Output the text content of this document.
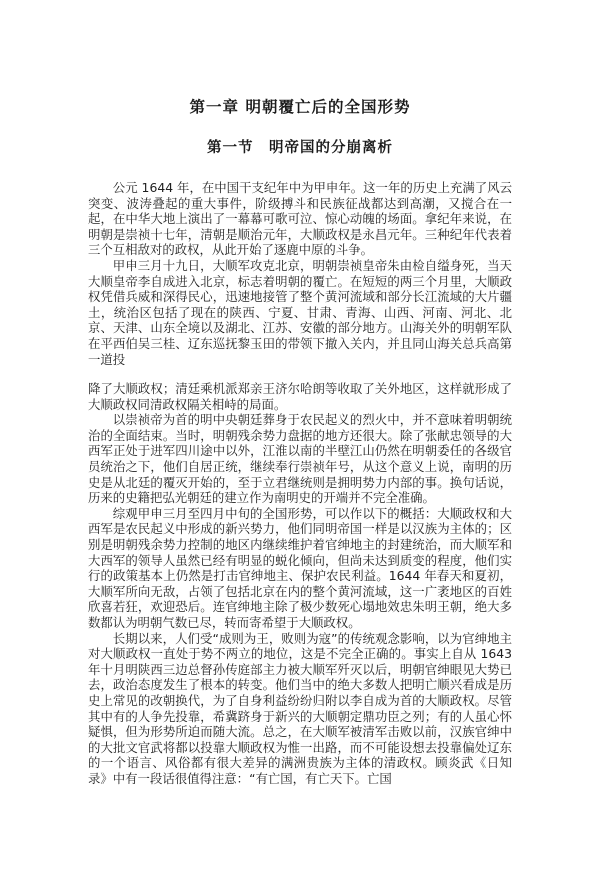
第一章 明朝覆亡后的全国形势
第一节　明帝国的分崩离析

公元 1644 年，在中国干支纪年中为甲申年。这一年的历史上充满了风云突变、波涛叠起的重大事件，阶级搏斗和民族征战都达到高潮，又搅合在一起，在中华大地上演出了一幕幕可歌可泣、惊心动魄的场面。拿纪年来说，在明朝是崇祯十七年，清朝是顺治元年，大顺政权是永昌元年。三种纪年代表着三个互相敌对的政权，从此开始了逐鹿中原的斗争。

甲申三月十九日，大顺军攻克北京，明朝崇祯皇帝朱由检自缢身死，当天大顺皇帝李自成进入北京，标志着明朝的覆亡。在短短的两三个月里，大顺政权凭借兵威和深得民心，迅速地接管了整个黄河流域和部分长江流域的大片疆土，统治区包括了现在的陕西、宁夏、甘肃、青海、山西、河南、河北、北京、天津、山东全境以及湖北、江苏、安徽的部分地方。山海关外的明朝军队在平西伯吴三桂、辽东巡抚黎玉田的带领下撤入关内，并且同山海关总兵高第一道投

降了大顺政权；清廷乘机派郑亲王济尔哈朗等收取了关外地区，这样就形成了大顺政权同清政权隔关相峙的局面。

以崇祯帝为首的明中央朝廷葬身于农民起义的烈火中，并不意味着明朝统治的全面结束。当时，明朝残余势力盘据的地方还很大。除了张献忠领导的大西军正处于进军四川途中以外，江淮以南的半壁江山仍然在明朝委任的各级官员统治之下，他们自居正统，继续奉行崇祯年号，从这个意义上说，南明的历史是从北廷的覆灭开始的，至于立君继统则是拥明势力内部的事。换句话说，历来的史籍把弘光朝廷的建立作为南明史的开端并不完全准确。

综观甲申三月至四月中旬的全国形势，可以作以下的概括：大顺政权和大西军是农民起义中形成的新兴势力，他们同明帝国一样是以汉族为主体的；区别是明朝残余势力控制的地区内继续维护着官绅地主的封建统治，而大顺军和大西军的领导人虽然已经有明显的蜕化倾向，但尚未达到质变的程度，他们实行的政策基本上仍然是打击官绅地主、保护农民利益。1644 年春天和夏初，大顺军所向无敌，占领了包括北京在内的整个黄河流域，这一广袤地区的百姓欣喜若狂，欢迎恐后。连官绅地主除了极少数死心塌地效忠朱明王朝，绝大多数都认为明朝气数已尽，转而寄希望于大顺政权。

长期以来，人们受“成则为王，败则为寇”的传统观念影响，以为官绅地主对大顺政权一直处于势不两立的地位，这是不完全正确的。事实上自从 1643 年十月明陕西三边总督孙传庭部主力被大顺军歼灭以后，明朝官绅眼见大势已去，政治态度发生了根本的转变。他们当中的绝大多数人把明亡顺兴看成是历史上常见的改朝换代，为了自身利益纷纷归附以李自成为首的大顺政权。尽管其中有的人争先投靠，希冀跻身于新兴的大顺朝定鼎功臣之列；有的人虽心怀疑惧，但为形势所迫而随大流。总之，在大顺军被清军击败以前，汉族官绅中的大批文官武将都以投靠大顺政权为惟一出路，而不可能设想去投靠偏处辽东的一个语言、风俗都有很大差异的满洲贵族为主体的清政权。顾炎武《日知录》中有一段话很值得注意：“有亡国，有亡天下。亡国
